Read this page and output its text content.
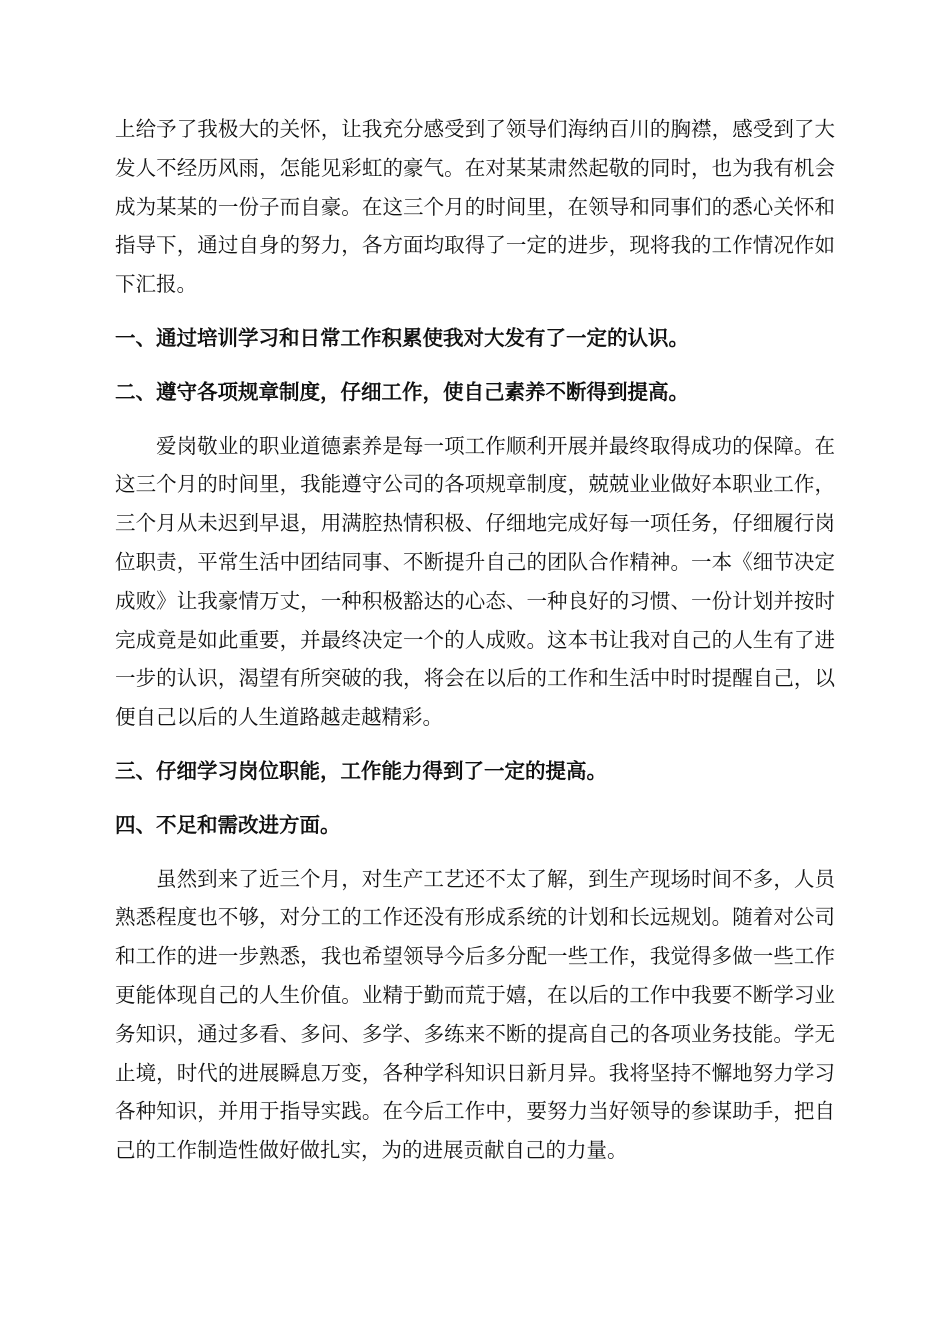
上给予了我极大的关怀，让我充分感受到了领导们海纳百川的胸襟，感受到了大发人不经历风雨，怎能见彩虹的豪气。在对某某肃然起敬的同时，也为我有机会成为某某的一份子而自豪。在这三个月的时间里，在领导和同事们的悉心关怀和指导下，通过自身的努力，各方面均取得了一定的进步，现将我的工作情况作如下汇报。

一、通过培训学习和日常工作积累使我对大发有了一定的认识。

二、遵守各项规章制度，仔细工作，使自己素养不断得到提高。

爱岗敬业的职业道德素养是每一项工作顺利开展并最终取得成功的保障。在这三个月的时间里，我能遵守公司的各项规章制度，兢兢业业做好本职业工作，三个月从未迟到早退，用满腔热情积极、仔细地完成好每一项任务，仔细履行岗位职责，平常生活中团结同事、不断提升自己的团队合作精神。一本《细节决定成败》让我豪情万丈，一种积极豁达的心态、一种良好的习惯、一份计划并按时完成竟是如此重要，并最终决定一个的人成败。这本书让我对自己的人生有了进一步的认识，渴望有所突破的我，将会在以后的工作和生活中时时提醒自己，以便自己以后的人生道路越走越精彩。

三、仔细学习岗位职能，工作能力得到了一定的提高。

四、不足和需改进方面。

虽然到来了近三个月，对生产工艺还不太了解，到生产现场时间不多，人员熟悉程度也不够，对分工的工作还没有形成系统的计划和长远规划。随着对公司和工作的进一步熟悉，我也希望领导今后多分配一些工作，我觉得多做一些工作更能体现自己的人生价值。业精于勤而荒于嬉，在以后的工作中我要不断学习业务知识，通过多看、多问、多学、多练来不断的提高自己的各项业务技能。学无止境，时代的进展瞬息万变，各种学科知识日新月异。我将坚持不懈地努力学习各种知识，并用于指导实践。在今后工作中，要努力当好领导的参谋助手，把自己的工作制造性做好做扎实，为的进展贡献自己的力量。
